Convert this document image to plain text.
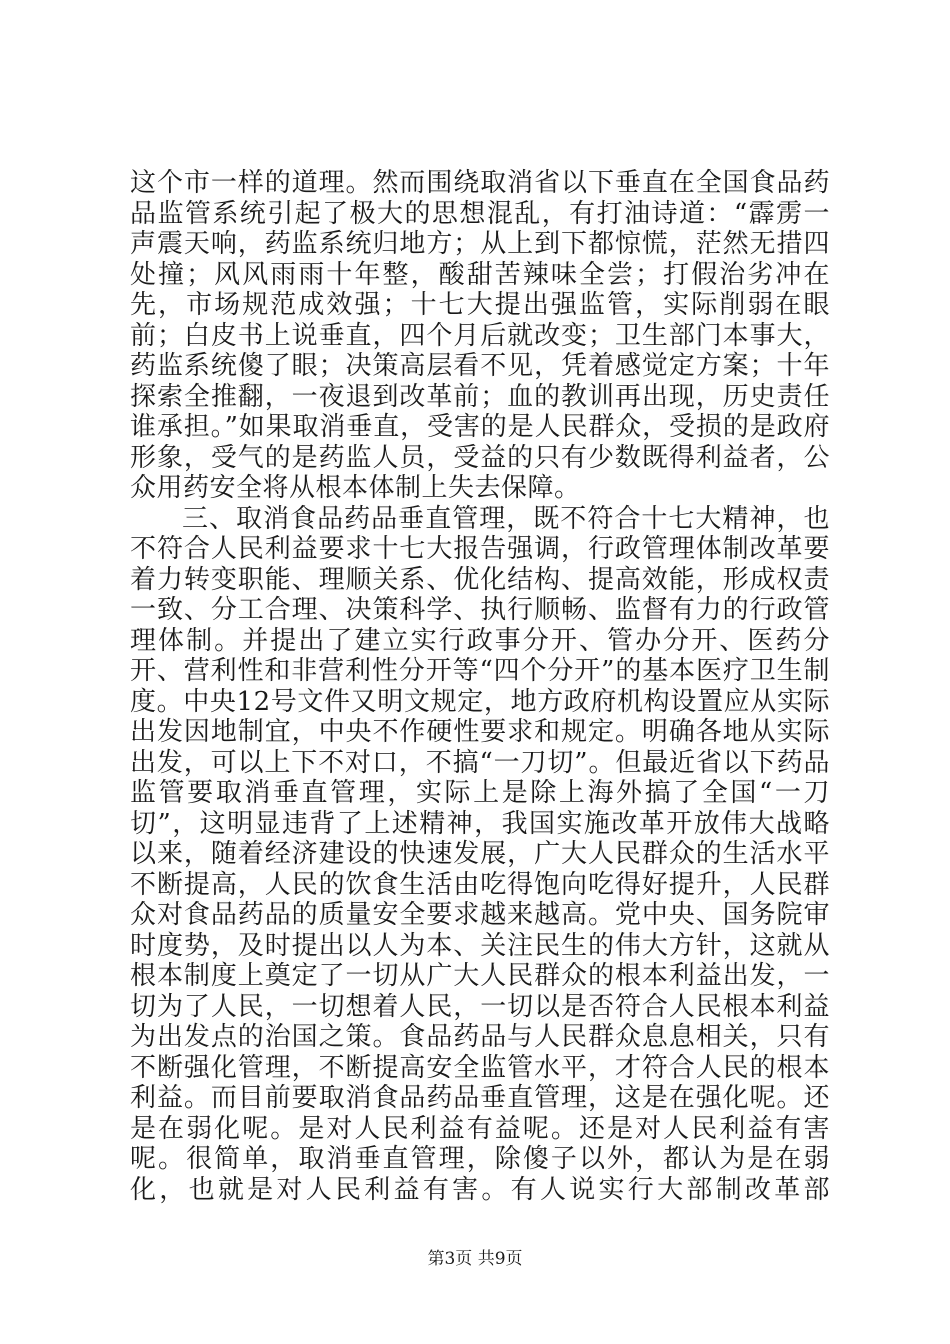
这个市一样的道理。然而围绕取消省以下垂直在全国食品药品监管系统引起了极大的思想混乱，有打油诗道：“霹雳一声震天响，药监系统归地方；从上到下都惊慌，茫然无措四处撞；风风雨雨十年整，酸甜苦辣味全尝；打假治劣冲在先，市场规范成效强；十七大提出强监管，实际削弱在眼前；白皮书上说垂直，四个月后就改变；卫生部门本事大，药监系统傻了眼；决策高层看不见，凭着感觉定方案；十年探索全推翻，一夜退到改革前；血的教训再出现，历史责任谁承担。”如果取消垂直，受害的是人民群众，受损的是政府形象，受气的是药监人员，受益的只有少数既得利益者，公众用药安全将从根本体制上失去保障。

三、取消食品药品垂直管理，既不符合十七大精神，也不符合人民利益要求十七大报告强调，行政管理体制改革要着力转变职能、理顺关系、优化结构、提高效能，形成权责一致、分工合理、决策科学、执行顺畅、监督有力的行政管理体制。并提出了建立实行政事分开、管办分开、医药分开、营利性和非营利性分开等“四个分开”的基本医疗卫生制度。中央12号文件又明文规定，地方政府机构设置应从实际出发因地制宜，中央不作硬性要求和规定。明确各地从实际出发，可以上下不对口，不搞“一刀切”。但最近省以下药品监管要取消垂直管理，实际上是除上海外搞了全国“一刀切”，这明显违背了上述精神，我国实施改革开放伟大战略以来，随着经济建设的快速发展，广大人民群众的生活水平不断提高，人民的饮食生活由吃得饱向吃得好提升，人民群众对食品药品的质量安全要求越来越高。党中央、国务院审时度势，及时提出以人为本、关注民生的伟大方针，这就从根本制度上奠定了一切从广大人民群众的根本利益出发，一切为了人民，一切想着人民，一切以是否符合人民根本利益为出发点的治国之策。食品药品与人民群众息息相关，只有不断强化管理，不断提高安全监管水平，才符合人民的根本利益。而目前要取消食品药品垂直管理，这是在强化呢。还是在弱化呢。是对人民利益有益呢。还是对人民利益有害呢。很简单，取消垂直管理，除傻子以外，都认为是在弱化，也就是对人民利益有害。有人说实行大部制改革部

第3页 共9页
